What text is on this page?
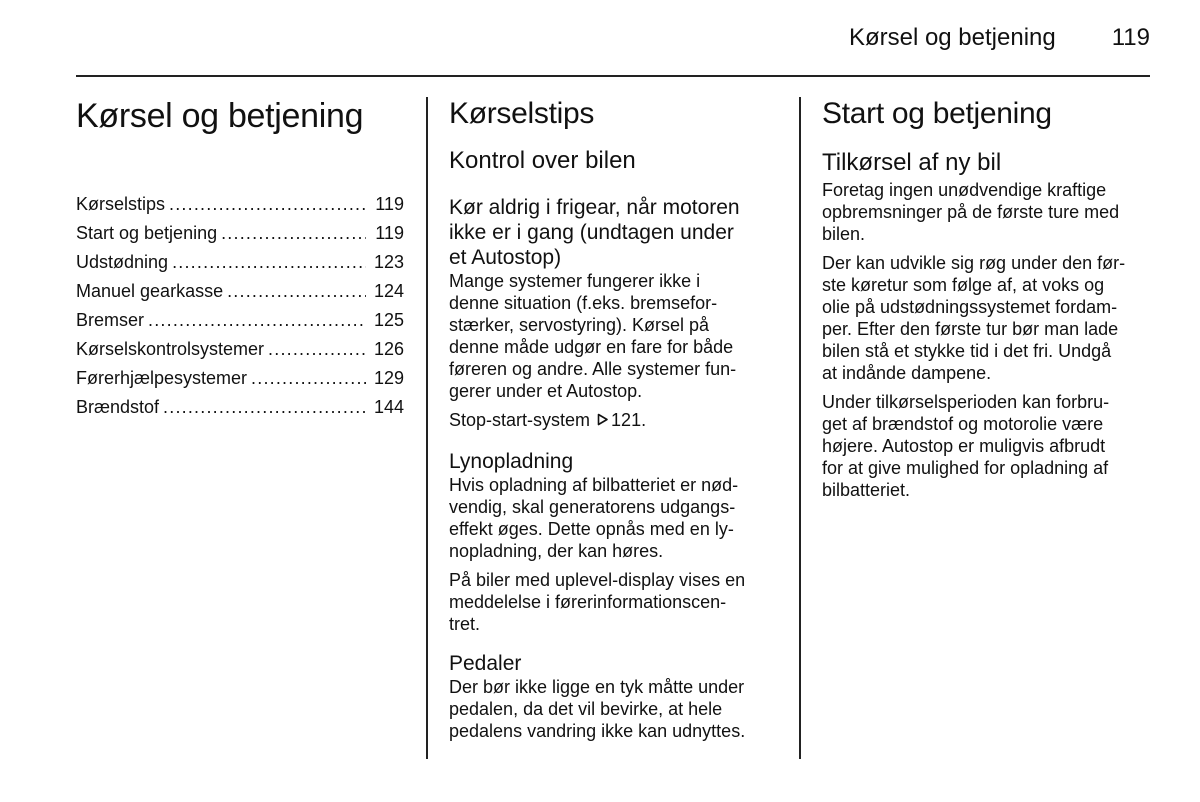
Kørsel og betjening 119
Kørsel og betjening
Kørselstips .....	119
Start og betjening .....	119
Udstødning .....	123
Manuel gearkasse .....	124
Bremser .....	125
Kørselskontrolsystemer .....	126
Førerhjælpesystemer .....	129
Brændstof .....	144
Kørselstips
Kontrol over bilen
Kør aldrig i frigear, når motoren
ikke er i gang (undtagen under
et Autostop)

Mange systemer fungerer ikke i
denne situation (f.eks. bremsefor-
stærker, servostyring). Kørsel på
denne måde udgør en fare for både
føreren og andre. Alle systemer fun-
gerer under et Autostop.

Stop-start-system 121.

Lynopladning

Hvis opladning af bilbatteriet er nød-
vendig, skal generatorens udgangs-
effekt øges. Dette opnås med en ly-
nopladning, der kan høres.

På biler med uplevel-display vises en
meddelelse i førerinformationscen-
tret.

Pedaler

Der bør ikke ligge en tyk måtte under
pedalen, da det vil bevirke, at hele
pedalens vandring ikke kan udnyttes.

Start og betjening
Tilkørsel af ny bil

Foretag ingen unødvendige kraftige
opbremsninger på de første ture med
bilen.

Der kan udvikle sig røg under den før-
ste køretur som følge af, at voks og
olie på udstødningssystemet fordam-
per. Efter den første tur bør man lade
bilen stå et stykke tid i det fri. Undgå
at indånde dampene.

Under tilkørselsperioden kan forbru-
get af brændstof og motorolie være
højere. Autostop er muligvis afbrudt
for at give mulighed for opladning af
bilbatteriet.
